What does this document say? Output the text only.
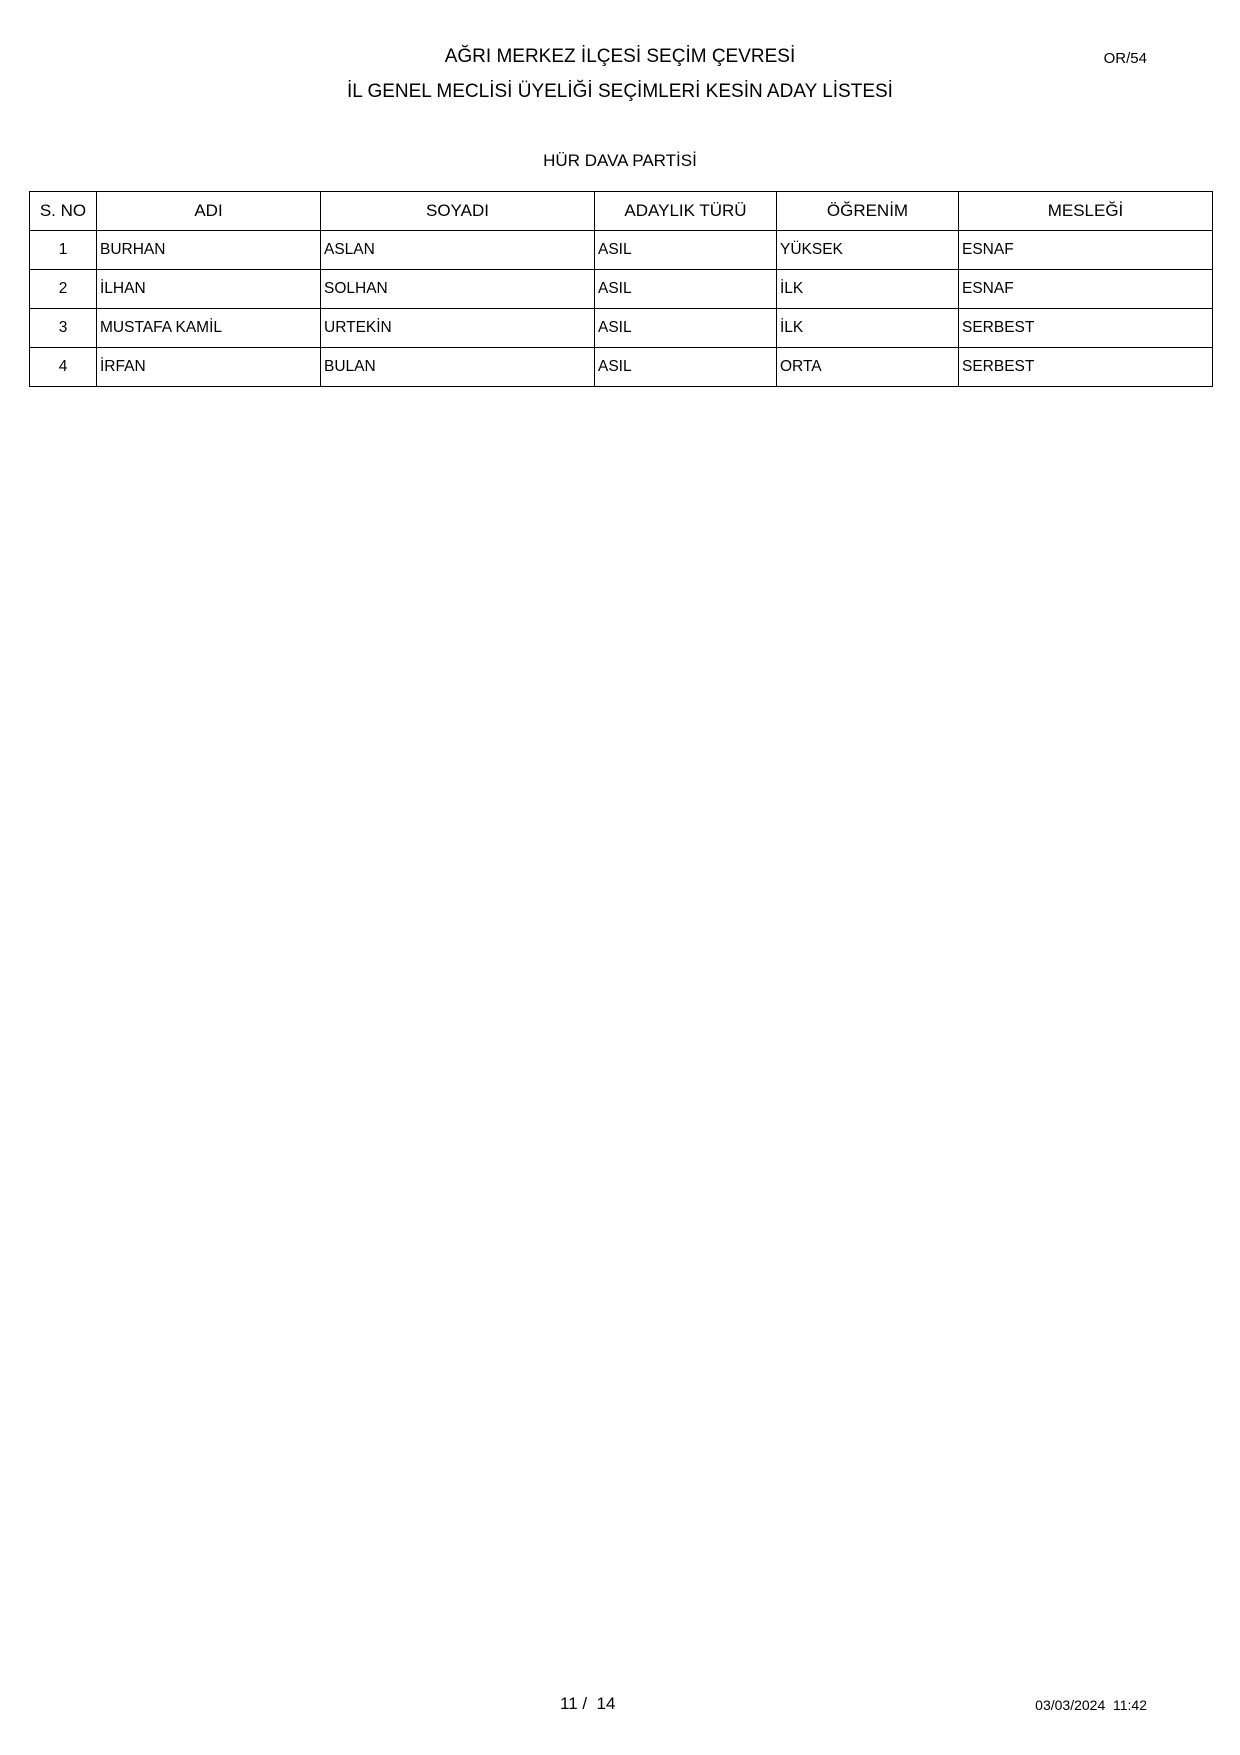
AĞRI MERKEZ İLÇESİ SEÇİM ÇEVRESİ
İL GENEL MECLİSİ ÜYELİĞİ SEÇİMLERİ KESİN ADAY LİSTESİ
OR/54
HÜR DAVA PARTİSİ
S. NO	ADI	SOYADI	ADAYLIK TÜRÜ	ÖĞRENİM	MESLEĞİ
1	BURHAN	ASLAN	ASIL	YÜKSEK	ESNAF
2	İLHAN	SOLHAN	ASIL	İLK	ESNAF
3	MUSTAFA KAMİL	URTEKİN	ASIL	İLK	SERBEST
4	İRFAN	BULAN	ASIL	ORTA	SERBEST
11 /  14	03/03/2024  11:42
